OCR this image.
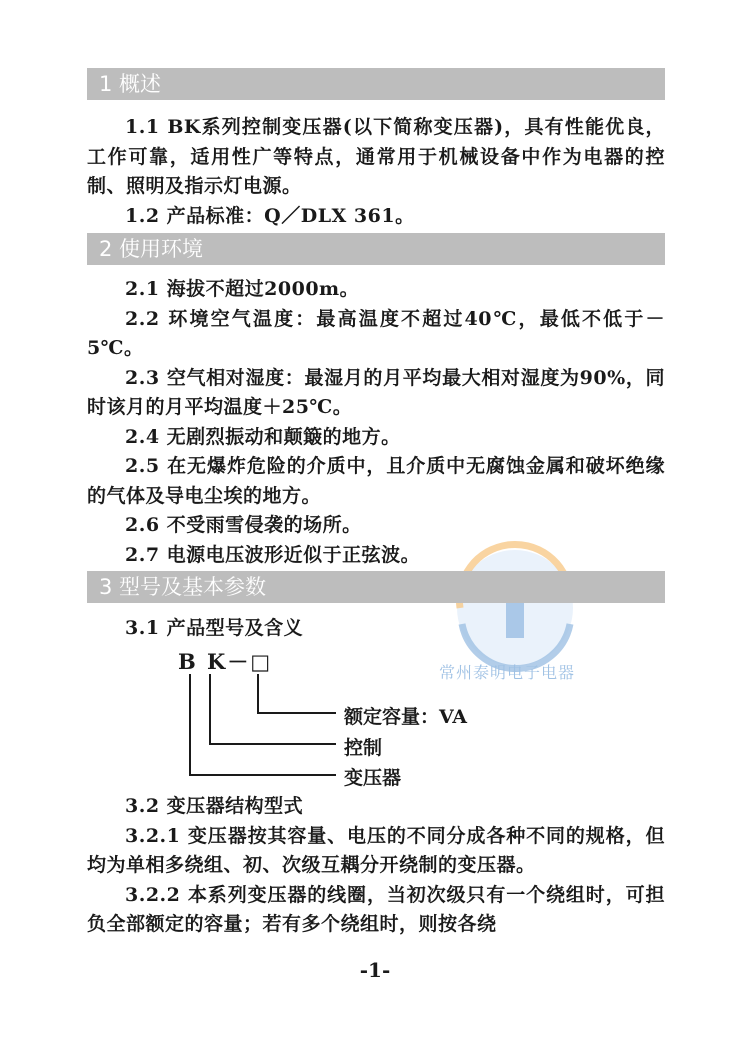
1 概述

1.1 BK系列控制变压器(以下简称变压器)，具有性能优良，工作可靠，适用性广等特点，通常用于机械设备中作为电器的控制、照明及指示灯电源。

1.2 产品标准：Q／DLX 361。

2 使用环境

2.1 海拔不超过2000m。

2.2 环境空气温度：最高温度不超过40℃，最低不低于－5℃。

2.3 空气相对湿度：最湿月的月平均最大相对湿度为90%，同时该月的月平均温度＋25℃。

2.4 无剧烈振动和颠簸的地方。

2.5 在无爆炸危险的介质中，且介质中无腐蚀金属和破坏绝缘的气体及导电尘埃的地方。

2.6 不受雨雪侵袭的场所。

2.7 电源电压波形近似于正弦波。

常州泰明电子电器
3 型号及基本参数

3.1 产品型号及含义

B K－□
额定容量：VA
控制
变压器

3.2 变压器结构型式

3.2.1 变压器按其容量、电压的不同分成各种不同的规格，但均为单相多绕组、初、次级互耦分开绕制的变压器。

3.2.2 本系列变压器的线圈，当初次级只有一个绕组时，可担负全部额定的容量；若有多个绕组时，则按各绕

-1-
